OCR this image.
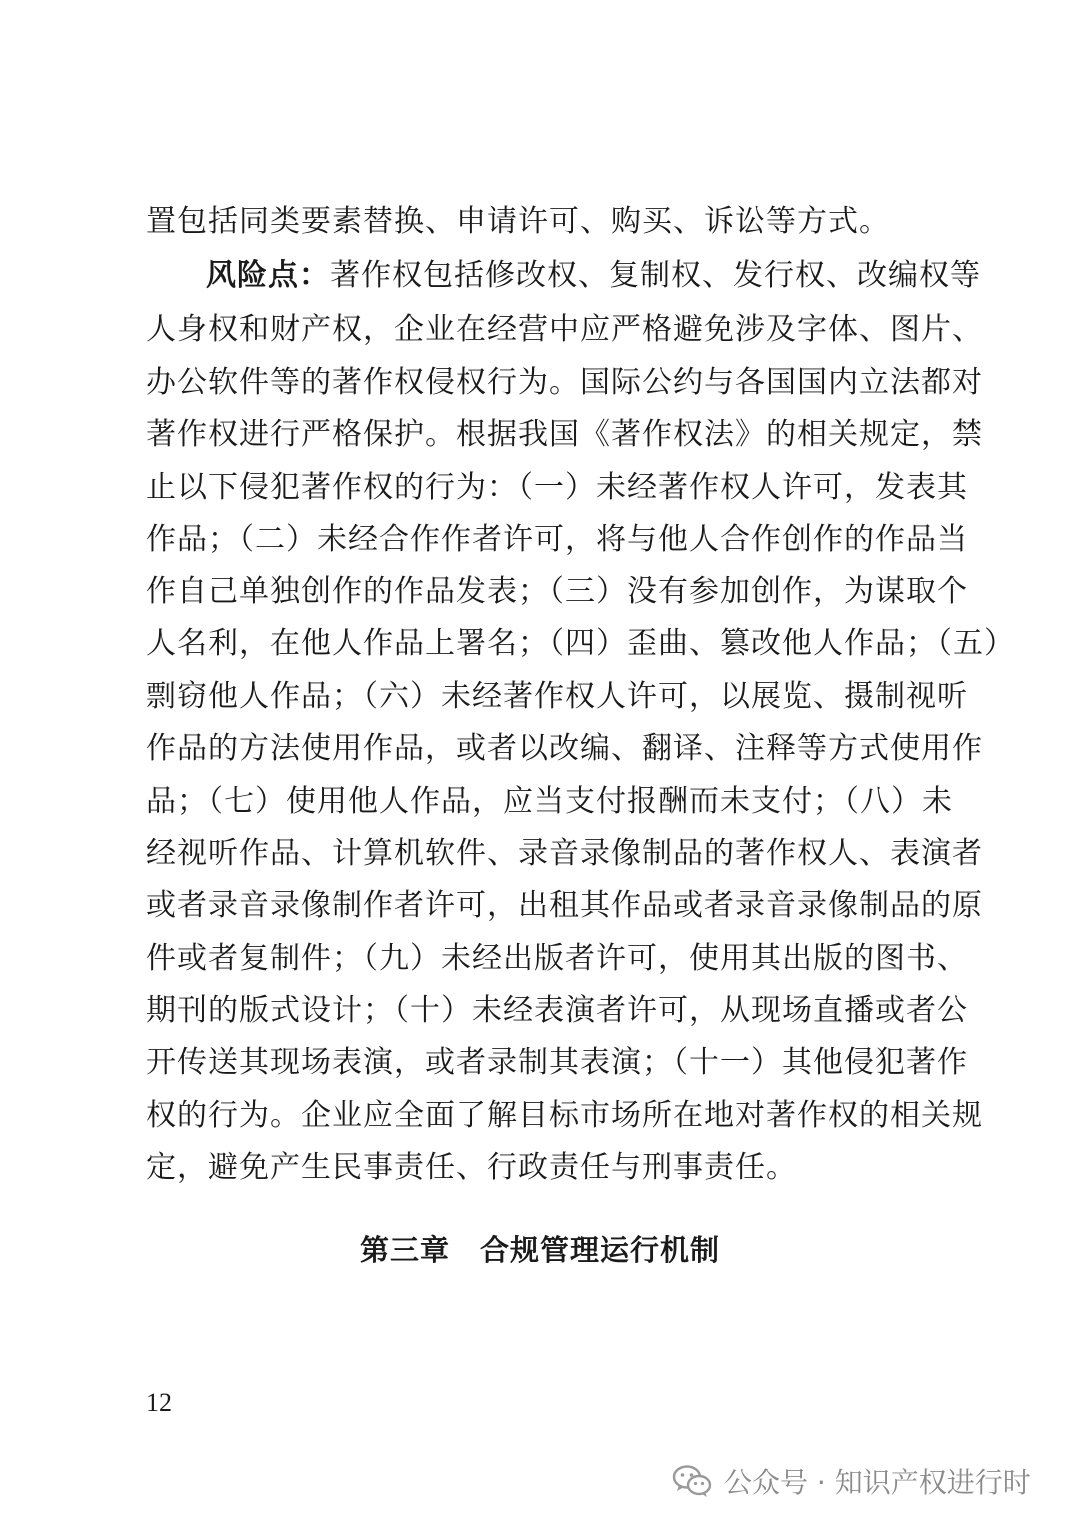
置包括同类要素替换、申请许可、购买、诉讼等方式。
风险点：著作权包括修改权、复制权、发行权、改编权等
人身权和财产权，企业在经营中应严格避免涉及字体、图片、
办公软件等的著作权侵权行为。国际公约与各国国内立法都对
著作权进行严格保护。根据我国《著作权法》的相关规定，禁
止以下侵犯著作权的行为：（一）未经著作权人许可，发表其
作品；（二）未经合作作者许可，将与他人合作创作的作品当
作自己单独创作的作品发表；（三）没有参加创作，为谋取个
人名利，在他人作品上署名；（四）歪曲、篡改他人作品；（五）
剽窃他人作品；（六）未经著作权人许可，以展览、摄制视听
作品的方法使用作品，或者以改编、翻译、注释等方式使用作
品；（七）使用他人作品，应当支付报酬而未支付；（八）未
经视听作品、计算机软件、录音录像制品的著作权人、表演者
或者录音录像制作者许可，出租其作品或者录音录像制品的原
件或者复制件；（九）未经出版者许可，使用其出版的图书、
期刊的版式设计；（十）未经表演者许可，从现场直播或者公
开传送其现场表演，或者录制其表演；（十一）其他侵犯著作
权的行为。企业应全面了解目标市场所在地对著作权的相关规
定，避免产生民事责任、行政责任与刑事责任。
第三章　合规管理运行机制
12
公众号 · 知识产权进行时
